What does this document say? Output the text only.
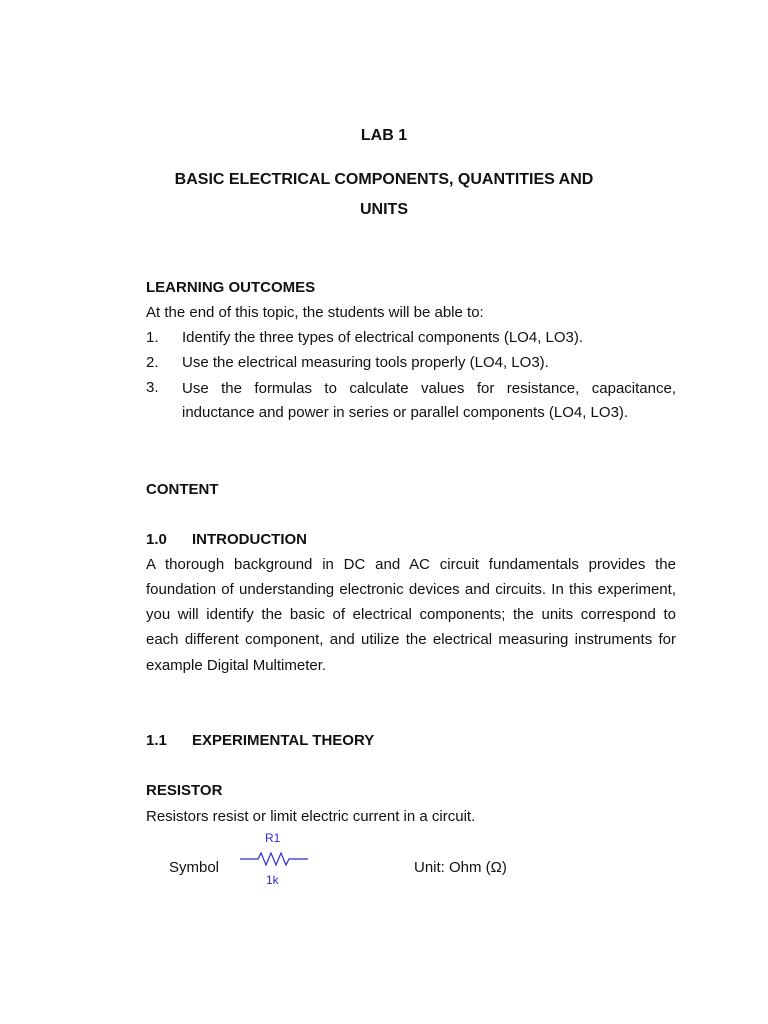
LAB 1
BASIC ELECTRICAL COMPONENTS, QUANTITIES AND
UNITS
LEARNING OUTCOMES
At the end of this topic, the students will be able to:
1. Identify the three types of electrical components (LO4, LO3).
2. Use the electrical measuring tools properly (LO4, LO3).
3. Use the formulas to calculate values for resistance, capacitance,
inductance and power in series or parallel components (LO4, LO3).
CONTENT
1.0 INTRODUCTION
A thorough background in DC and AC circuit fundamentals provides the
foundation of understanding electronic devices and circuits. In this experiment,
you will identify the basic of electrical components; the units correspond to
each different component, and utilize the electrical measuring instruments for
example Digital Multimeter.
1.1 EXPERIMENTAL THEORY
RESISTOR
Resistors resist or limit electric current in a circuit.
Symbol
R1
1k
Unit: Ohm (Ω)
